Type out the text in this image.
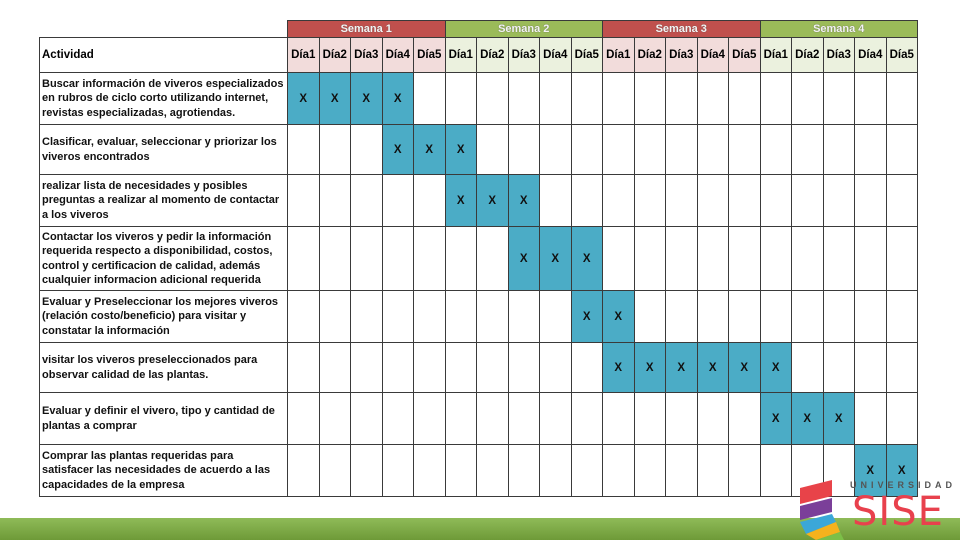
	Semana 1					Semana 2					Semana 3					Semana 4				
Actividad	Día1	Día2	Día3	Día4	Día5	Día1	Día2	Día3	Día4	Día5	Día1	Día2	Día3	Día4	Día5	Día1	Día2	Día3	Día4	Día5
Buscar información de viveros especializados en rubros de ciclo corto utilizando internet, revistas especializadas, agrotiendas.	X	X	X	X																
Clasificar, evaluar, seleccionar y priorizar los viveros encontrados				X	X	X														
realizar lista de necesidades y posibles preguntas a realizar al momento de contactar a los viveros						X	X	X												
Contactar los viveros y pedir la información requerida respecto a disponibilidad, costos, control y certificacion de calidad, además cualquier informacion adicional requerida								X	X	X										
Evaluar y Preseleccionar los mejores viveros (relación costo/beneficio) para visitar y constatar la información										X	X									
visitar los viveros preseleccionados para observar calidad de las plantas.											X	X	X	X	X	X				
Evaluar y definir el vivero, tipo y cantidad de plantas a comprar																X	X	X		
Comprar las plantas requeridas para satisfacer las necesidades de acuerdo a las capacidades de la empresa																			X	X
UNIVERSIDAD
SISE
